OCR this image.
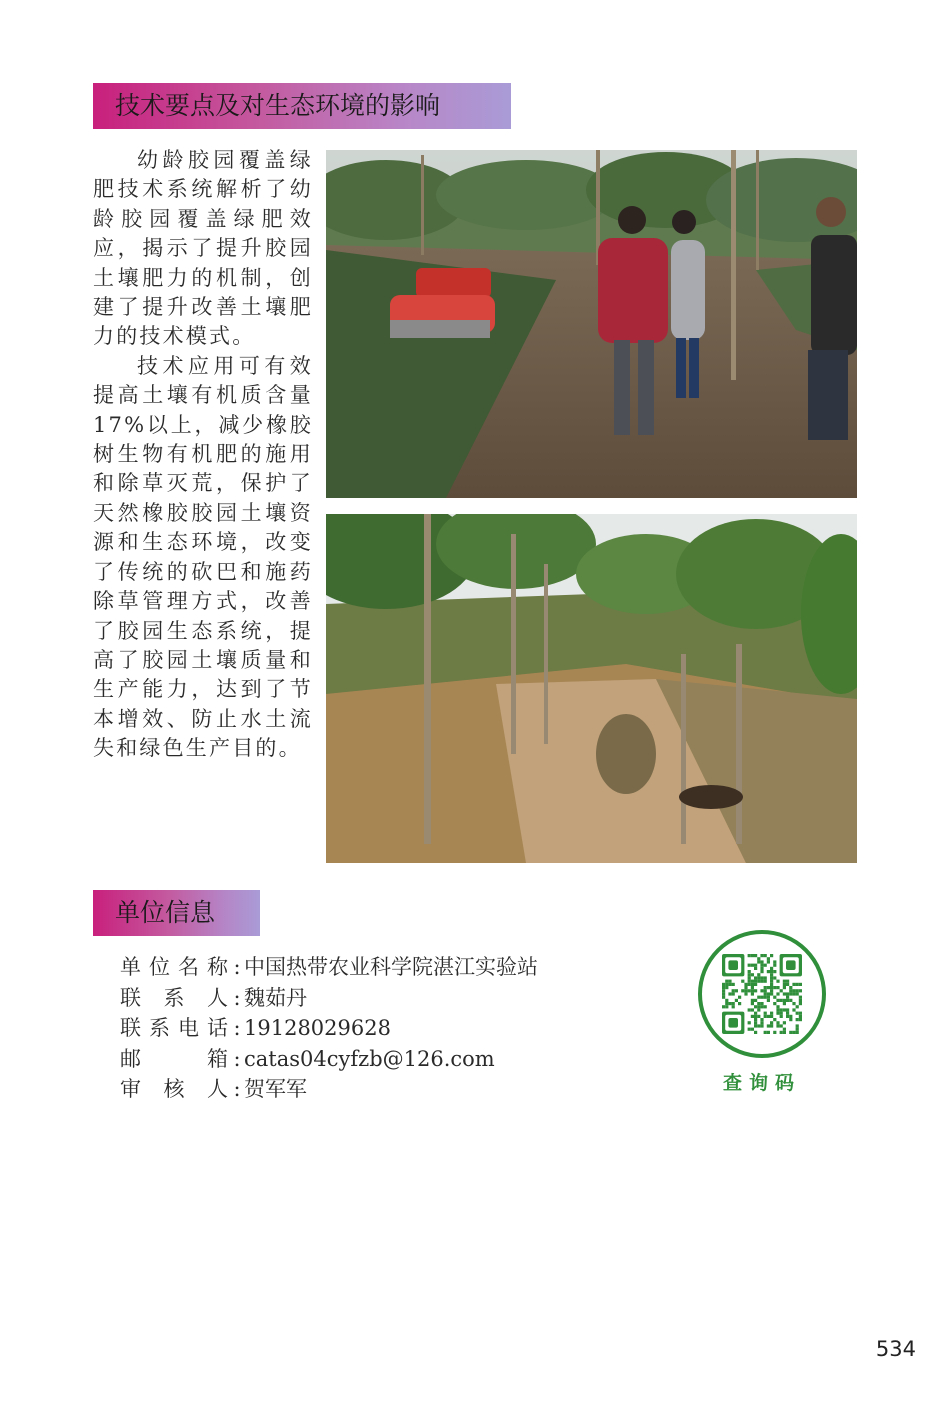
技术要点及对生态环境的影响

幼龄胶园覆盖绿肥技术系统解析了幼龄胶园覆盖绿肥效应，揭示了提升胶园土壤肥力的机制，创建了提升改善土壤肥力的技术模式。

技术应用可有效提高土壤有机质含量17%以上，减少橡胶树生物有机肥的施用和除草灭荒，保护了天然橡胶胶园土壤资源和生态环境，改变了传统的砍巴和施药除草管理方式，改善了胶园生态系统，提高了胶园土壤质量和生产能力，达到了节本增效、防止水土流失和绿色生产目的。

单位信息
单位名称 : 中国热带农业科学院湛江实验站
联系人 : 魏茹丹
联系电话 : 19128029628
邮箱 : catas04cyfzb@126.com
审核人 : 贺军军	查询码
534
